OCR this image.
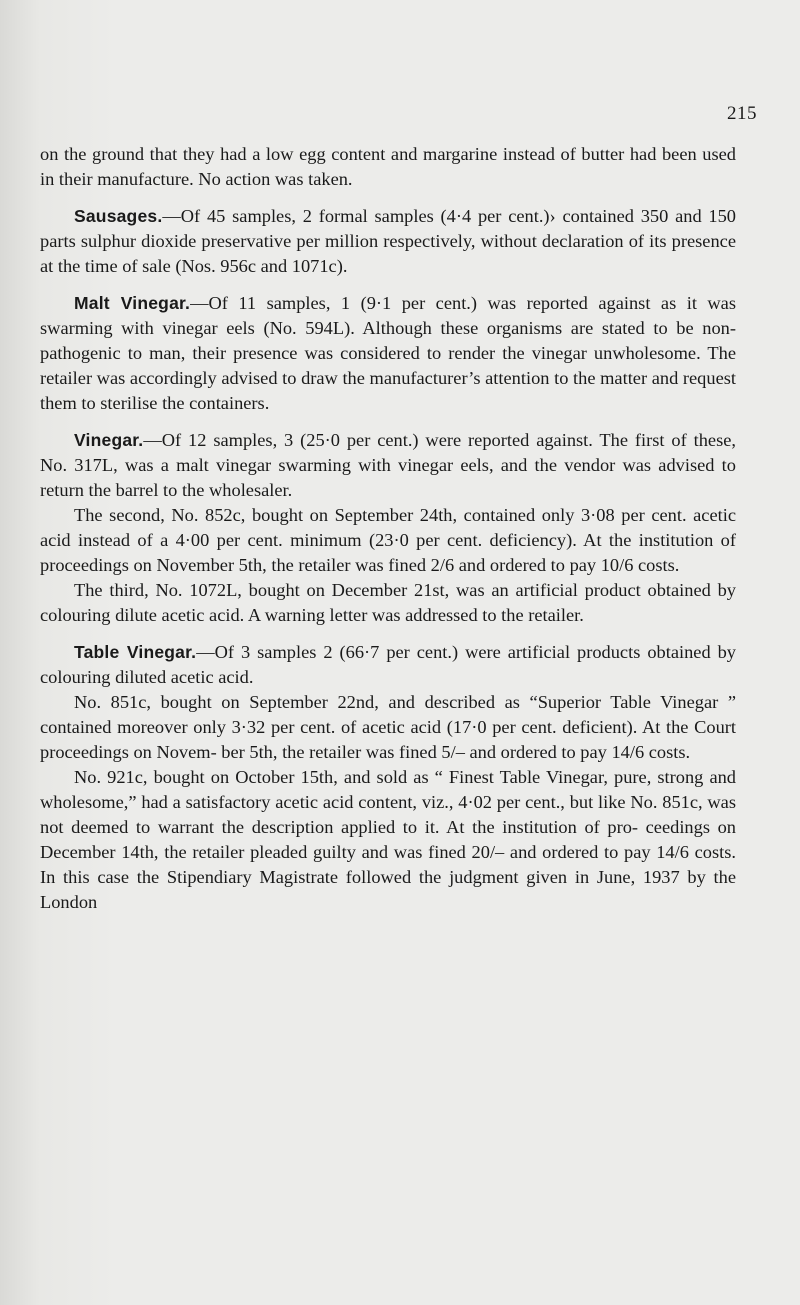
215

on the ground that they had a low egg content and margarine instead of butter had been used in their manufacture. No action was taken.

Sausages.—Of 45 samples, 2 formal samples (4·4 per cent.)› contained 350 and 150 parts sulphur dioxide preservative per million respectively, without declaration of its presence at the time of sale (Nos. 956c and 1071c).

Malt Vinegar.—Of 11 samples, 1 (9·1 per cent.) was reported against as it was swarming with vinegar eels (No. 594L). Although these organisms are stated to be non-pathogenic to man, their presence was considered to render the vinegar unwholesome. The retailer was accordingly advised to draw the manufacturer’s attention to the matter and request them to sterilise the containers.

Vinegar.—Of 12 samples, 3 (25·0 per cent.) were reported against. The first of these, No. 317L, was a malt vinegar swarming with vinegar eels, and the vendor was advised to return the barrel to the wholesaler.

The second, No. 852c, bought on September 24th, contained only 3·08 per cent. acetic acid instead of a 4·00 per cent. minimum (23·0 per cent. deficiency). At the institution of proceedings on November 5th, the retailer was fined 2/6 and ordered to pay 10/6 costs.

The third, No. 1072L, bought on December 21st, was an artificial product obtained by colouring dilute acetic acid. A warning letter was addressed to the retailer.

Table Vinegar.—Of 3 samples 2 (66·7 per cent.) were artificial products obtained by colouring diluted acetic acid.

No. 851c, bought on September 22nd, and described as “Superior Table Vinegar ” contained moreover only 3·32 per cent. of acetic acid (17·0 per cent. deficient). At the Court proceedings on Novem- ber 5th, the retailer was fined 5/– and ordered to pay 14/6 costs.

No. 921c, bought on October 15th, and sold as “ Finest Table Vinegar, pure, strong and wholesome,” had a satisfactory acetic acid content, viz., 4·02 per cent., but like No. 851c, was not deemed to warrant the description applied to it. At the institution of pro- ceedings on December 14th, the retailer pleaded guilty and was fined 20/– and ordered to pay 14/6 costs. In this case the Stipendiary Magistrate followed the judgment given in June, 1937 by the London
